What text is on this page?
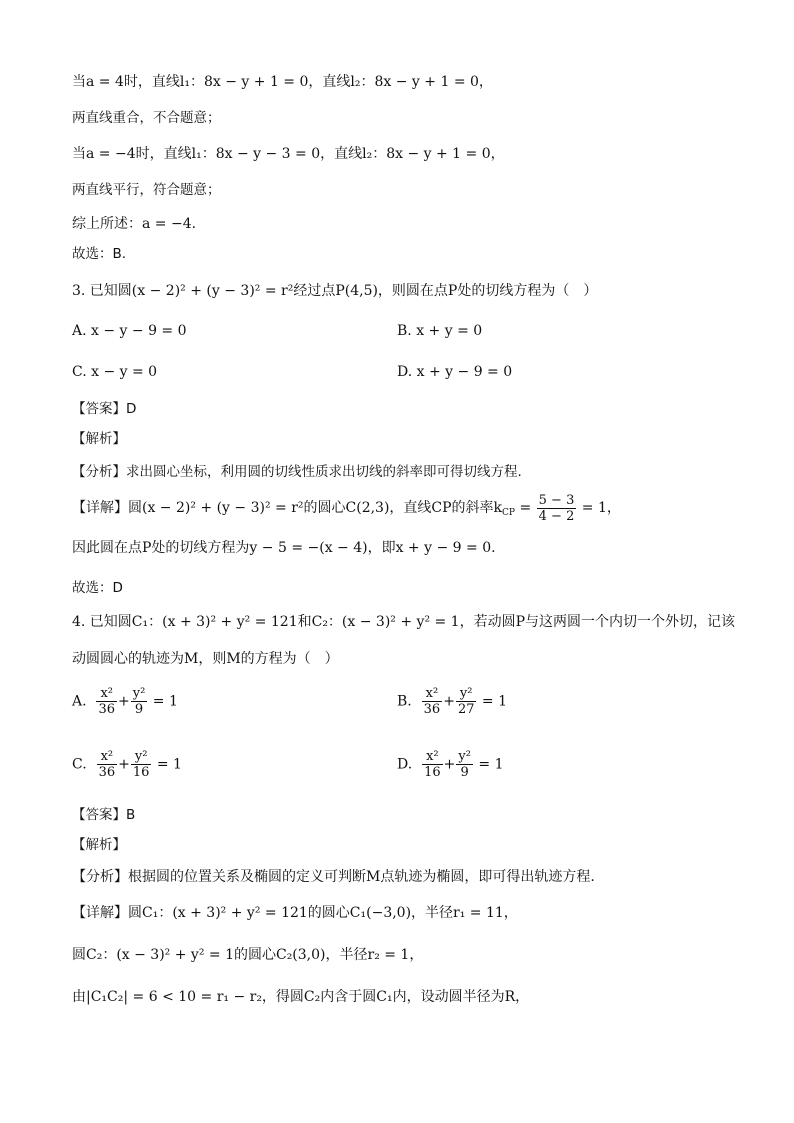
当a = 4时，直线l₁：8x − y + 1 = 0，直线l₂：8x − y + 1 = 0，
两直线重合，不合题意；
当a = −4时，直线l₁：8x − y − 3 = 0，直线l₂：8x − y + 1 = 0，
两直线平行，符合题意；
综上所述：a = −4.
故选：B.
3. 已知圆(x − 2)² + (y − 3)² = r²经过点P(4,5)，则圆在点P处的切线方程为（　）
A. x − y − 9 = 0	B. x + y = 0
C. x − y = 0	D. x + y − 9 = 0
【答案】D
【解析】
【分析】求出圆心坐标，利用圆的切线性质求出切线的斜率即可得切线方程.
【详解】圆(x − 2)² + (y − 3)² = r²的圆心C(2,3)，直线CP的斜率$k_{CP} = \frac{5 - 3}{4 - 2} = 1$，
因此圆在点P处的切线方程为y − 5 = −(x − 4)，即x + y − 9 = 0.
故选：D
4. 已知圆C₁：(x + 3)² + y² = 121和C₂：(x − 3)² + y² = 1，若动圆P与这两圆一个内切一个外切，记该
动圆圆心的轨迹为M，则M的方程为（　）
A. $\frac{\text{x²}}{36} + \frac{\text{y²}}{9} = 1$	B. $\frac{\text{x²}}{36} + \frac{\text{y²}}{27} = 1$
C. $\frac{\text{x²}}{36} + \frac{\text{y²}}{16} = 1$	D. $\frac{\text{x²}}{16} + \frac{\text{y²}}{9} = 1$
【答案】B
【解析】
【分析】根据圆的位置关系及椭圆的定义可判断M点轨迹为椭圆，即可得出轨迹方程.
【详解】圆C₁：(x + 3)² + y² = 121的圆心C₁(−3,0)，半径r₁ = 11，
圆C₂：(x − 3)² + y² = 1的圆心C₂(3,0)，半径r₂ = 1，
由|C₁C₂| = 6 < 10 = r₁ − r₂，得圆C₂内含于圆C₁内，设动圆半径为R，
